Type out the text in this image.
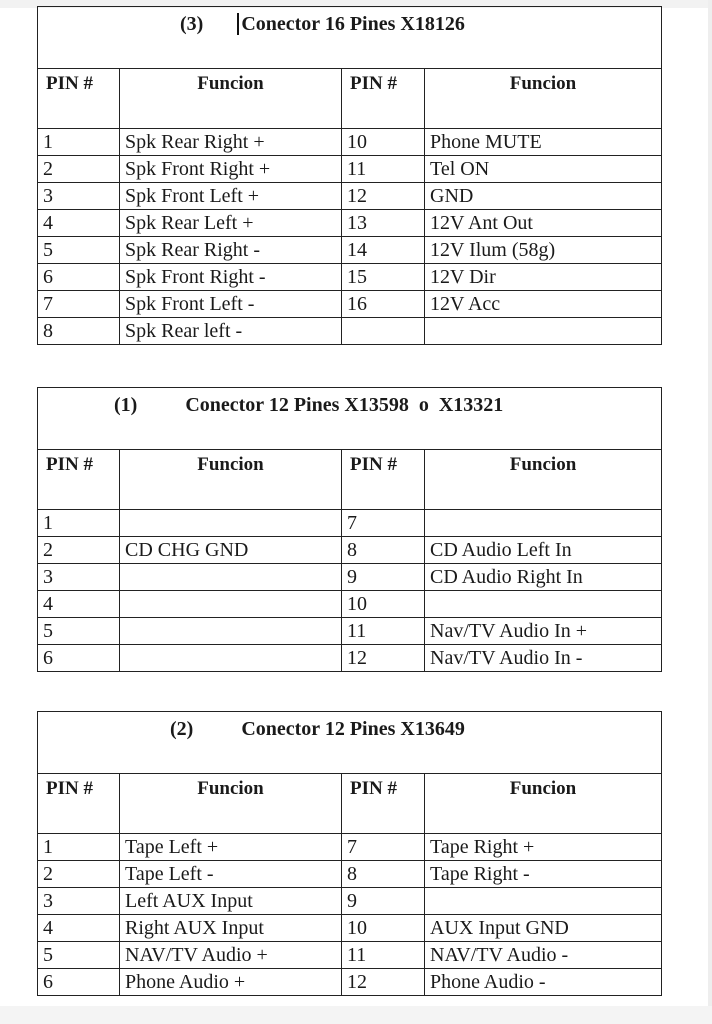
(3) Conector 16 Pines X18126			
PIN #	Funcion	PIN #	Funcion
1	Spk Rear Right +	10	Phone MUTE
2	Spk Front Right +	11	Tel ON
3	Spk Front Left +	12	GND
4	Spk Rear Left +	13	12V Ant Out
5	Spk Rear Right -	14	12V Ilum (58g)
6	Spk Front Right -	15	12V Dir
7	Spk Front Left -	16	12V Acc
8	Spk Rear left -		
(1) Conector 12 Pines X13598  o  X13321			
PIN #	Funcion	PIN #	Funcion
1		7	
2	CD CHG GND	8	CD Audio Left In
3		9	CD Audio Right In
4		10	
5		11	Nav/TV Audio In +
6		12	Nav/TV Audio In -
(2) Conector 12 Pines X13649			
PIN #	Funcion	PIN #	Funcion
1	Tape Left +	7	Tape Right +
2	Tape Left -	8	Tape Right -
3	Left AUX Input	9	
4	Right AUX Input	10	AUX Input GND
5	NAV/TV Audio +	11	NAV/TV Audio -
6	Phone Audio +	12	Phone Audio -
